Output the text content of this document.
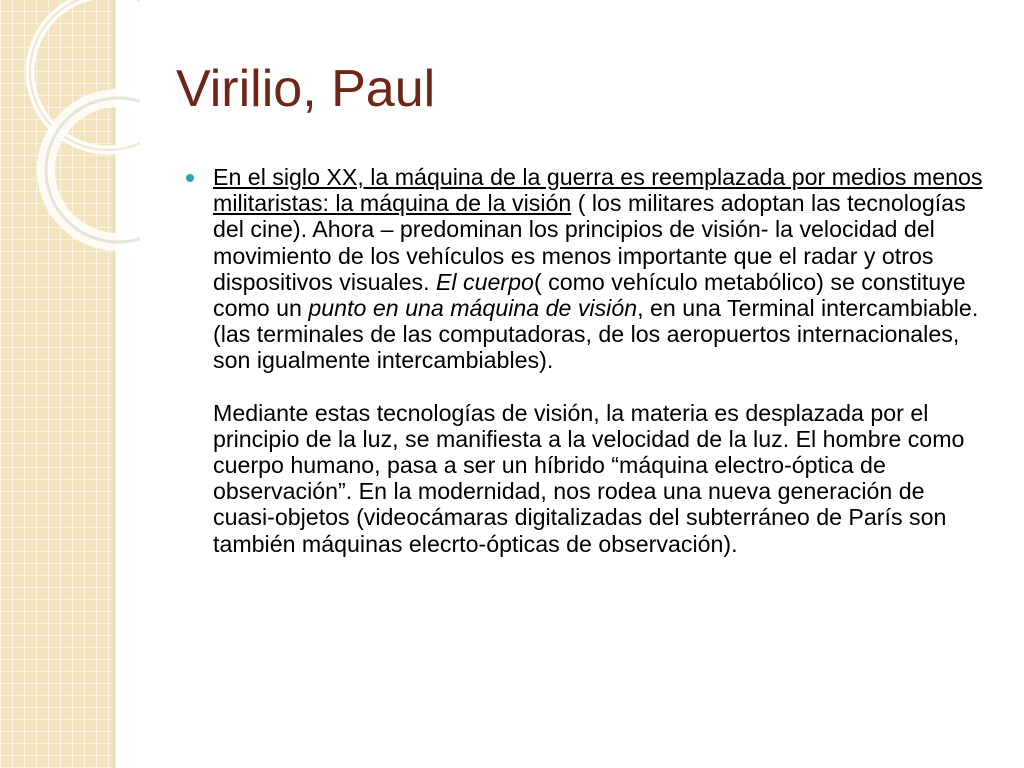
Virilio, Paul

En el siglo XX, la máquina de la guerra es reemplazada por medios menos militaristas: la máquina de la visión ( los militares adoptan las tecnologías del cine). Ahora – predominan los principios de visión- la velocidad del movimiento de los vehículos es menos importante que el radar y otros dispositivos visuales. El cuerpo( como vehículo metabólico) se constituye como un punto en una máquina de visión, en una Terminal intercambiable.(las terminales de las computadoras, de los aeropuertos internacionales, son igualmente intercambiables).

Mediante estas tecnologías de visión, la materia es desplazada por el principio de la luz, se manifiesta a la velocidad de la luz. El hombre como cuerpo humano, pasa a ser un híbrido “máquina electro-óptica de observación”. En la modernidad, nos rodea una nueva generación de cuasi-objetos (videocámaras digitalizadas del subterráneo de París son también máquinas elecrto-ópticas de observación).
